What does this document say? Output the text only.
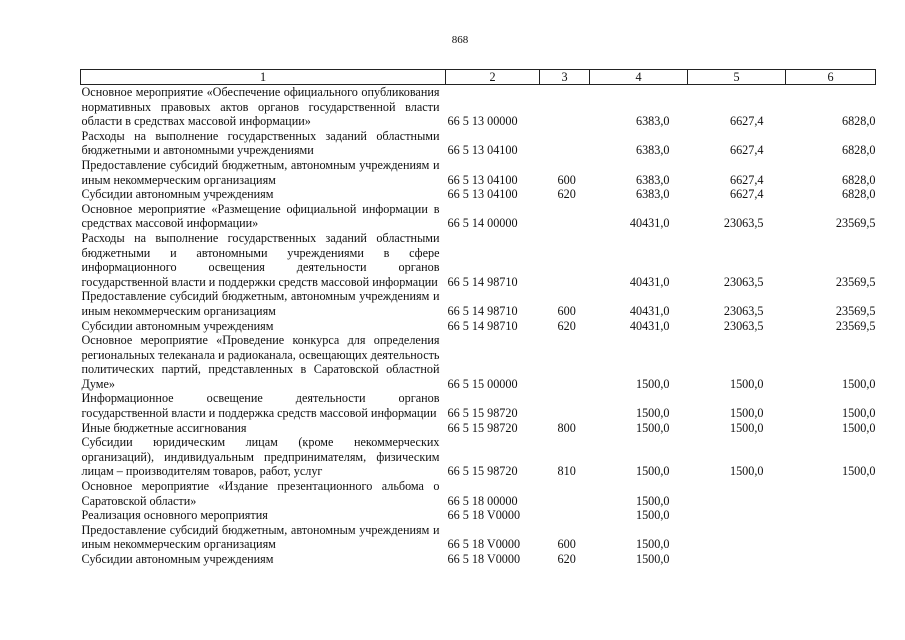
868
1	2	3	4	5	6
Основное мероприятие «Обеспечение официального опубликования нормативных правовых актов органов государственной власти области в средствах массовой информации»	66 5 13 00000		6383,0	6627,4	6828,0
Расходы на выполнение государственных заданий областными бюджетными и автономными учреждениями	66 5 13 04100		6383,0	6627,4	6828,0
Предоставление субсидий бюджетным, автономным учреждениям и иным некоммерческим организациям	66 5 13 04100	600	6383,0	6627,4	6828,0
Субсидии автономным учреждениям	66 5 13 04100	620	6383,0	6627,4	6828,0
Основное мероприятие «Размещение официальной информации в средствах массовой информации»	66 5 14 00000		40431,0	23063,5	23569,5
Расходы на выполнение государственных заданий областными бюджетными и автономными учреждениями в сфере информационного освещения деятельности органов государственной власти и поддержки средств массовой информации	66 5 14 98710		40431,0	23063,5	23569,5
Предоставление субсидий бюджетным, автономным учреждениям и иным некоммерческим организациям	66 5 14 98710	600	40431,0	23063,5	23569,5
Субсидии автономным учреждениям	66 5 14 98710	620	40431,0	23063,5	23569,5
Основное мероприятие «Проведение конкурса для определения региональных телеканала и радиоканала, освещающих деятельность политических партий, представленных в Саратовской областной Думе»	66 5 15 00000		1500,0	1500,0	1500,0
Информационное освещение деятельности органов государственной власти и поддержка средств массовой информации	66 5 15 98720		1500,0	1500,0	1500,0
Иные бюджетные ассигнования	66 5 15 98720	800	1500,0	1500,0	1500,0
Субсидии юридическим лицам (кроме некоммерческих организаций), индивидуальным предпринимателям, физическим лицам – производителям товаров, работ, услуг	66 5 15 98720	810	1500,0	1500,0	1500,0
Основное мероприятие «Издание презентационного альбома о Саратовской области»	66 5 18 00000		1500,0		
Реализация основного мероприятия	66 5 18 V0000		1500,0		
Предоставление субсидий бюджетным, автономным учреждениям и иным некоммерческим организациям	66 5 18 V0000	600	1500,0		
Субсидии автономным учреждениям	66 5 18 V0000	620	1500,0		
